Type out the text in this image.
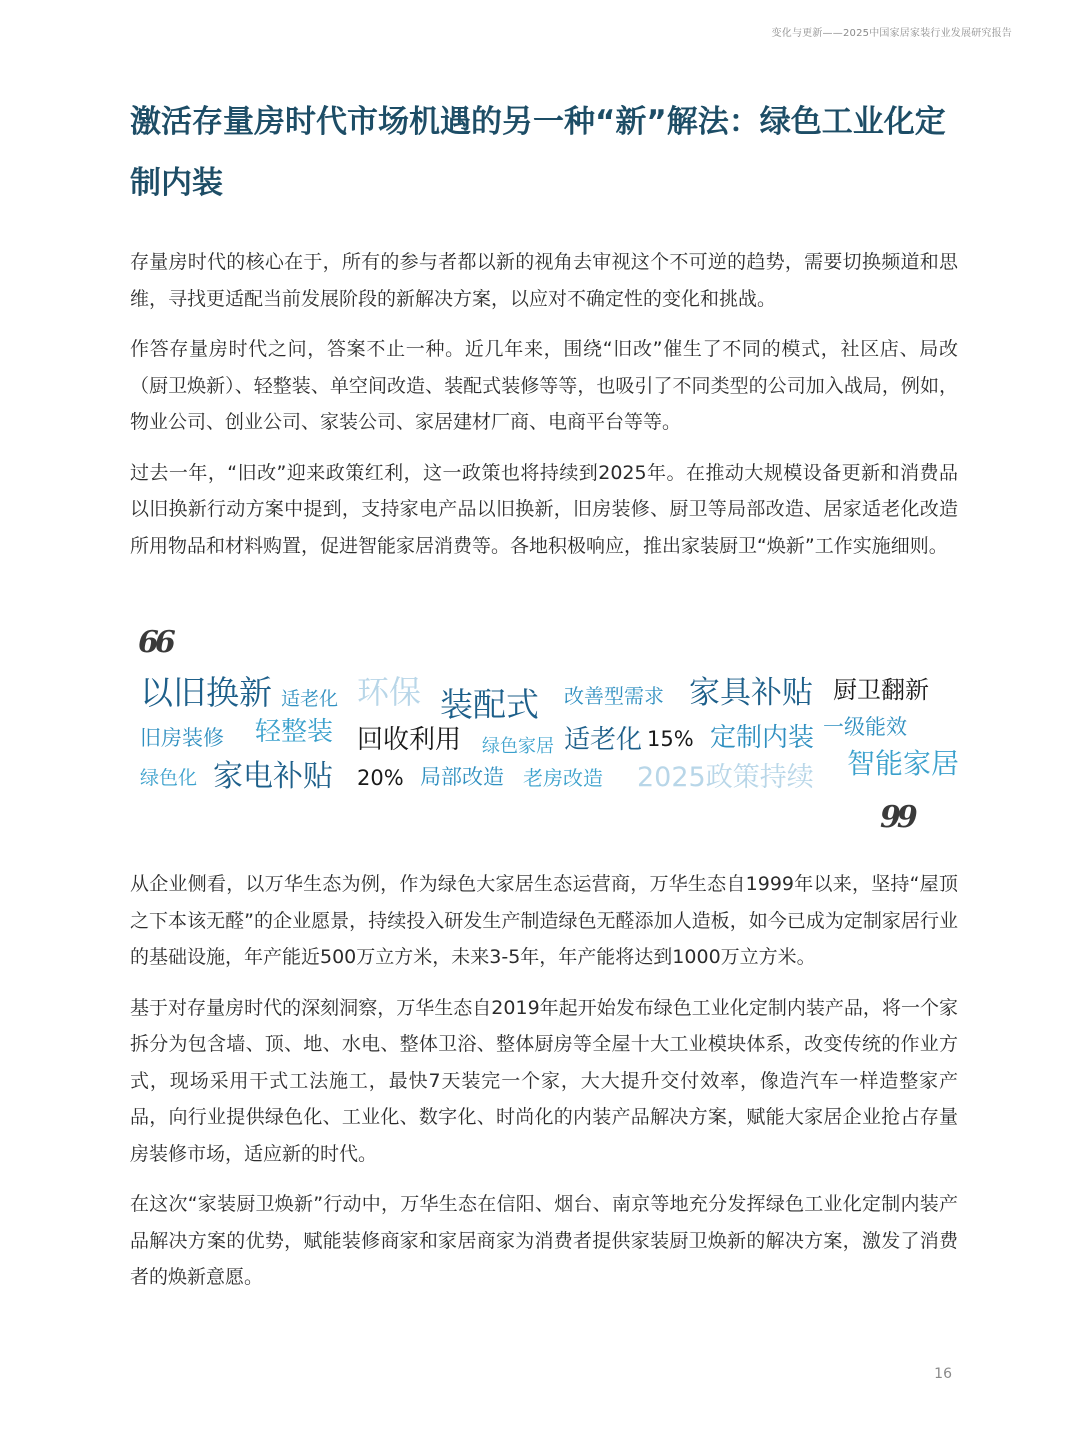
变化与更新——2025中国家居家装行业发展研究报告
激活存量房时代市场机遇的另一种“新”解法：绿色工业化定制内装

存量房时代的核心在于，所有的参与者都以新的视角去审视这个不可逆的趋势，需要切换频道和思维，寻找更适配当前发展阶段的新解决方案，以应对不确定性的变化和挑战。

作答存量房时代之问，答案不止一种。近几年来，围绕“旧改”催生了不同的模式，社区店、局改（厨卫焕新）、轻整装、单空间改造、装配式装修等等，也吸引了不同类型的公司加入战局，例如，物业公司、创业公司、家装公司、家居建材厂商、电商平台等等。

过去一年，“旧改”迎来政策红利，这一政策也将持续到2025年。在推动大规模设备更新和消费品以旧换新行动方案中提到，支持家电产品以旧换新，旧房装修、厨卫等局部改造、居家适老化改造所用物品和材料购置，促进智能家居消费等。各地积极响应，推出家装厨卫“焕新”工作实施细则。

66
以旧换新 适老化 环保 装配式 改善型需求 家具补贴 厨卫翻新
旧房装修 轻整装 回收利用 绿色家居 适老化 15% 定制内装 一级能效
绿色化 家电补贴 20% 局部改造 老房改造 2025政策持续 智能家居
99

从企业侧看，以万华生态为例，作为绿色大家居生态运营商，万华生态自1999年以来，坚持“屋顶之下本该无醛”的企业愿景，持续投入研发生产制造绿色无醛添加人造板，如今已成为定制家居行业的基础设施，年产能近500万立方米，未来3-5年，年产能将达到1000万立方米。

基于对存量房时代的深刻洞察，万华生态自2019年起开始发布绿色工业化定制内装产品，将一个家拆分为包含墙、顶、地、水电、整体卫浴、整体厨房等全屋十大工业模块体系，改变传统的作业方式，现场采用干式工法施工，最快7天装完一个家，大大提升交付效率，像造汽车一样造整家产品，向行业提供绿色化、工业化、数字化、时尚化的内装产品解决方案，赋能大家居企业抢占存量房装修市场，适应新的时代。

在这次“家装厨卫焕新”行动中，万华生态在信阳、烟台、南京等地充分发挥绿色工业化定制内装产品解决方案的优势，赋能装修商家和家居商家为消费者提供家装厨卫焕新的解决方案，激发了消费者的焕新意愿。

16
